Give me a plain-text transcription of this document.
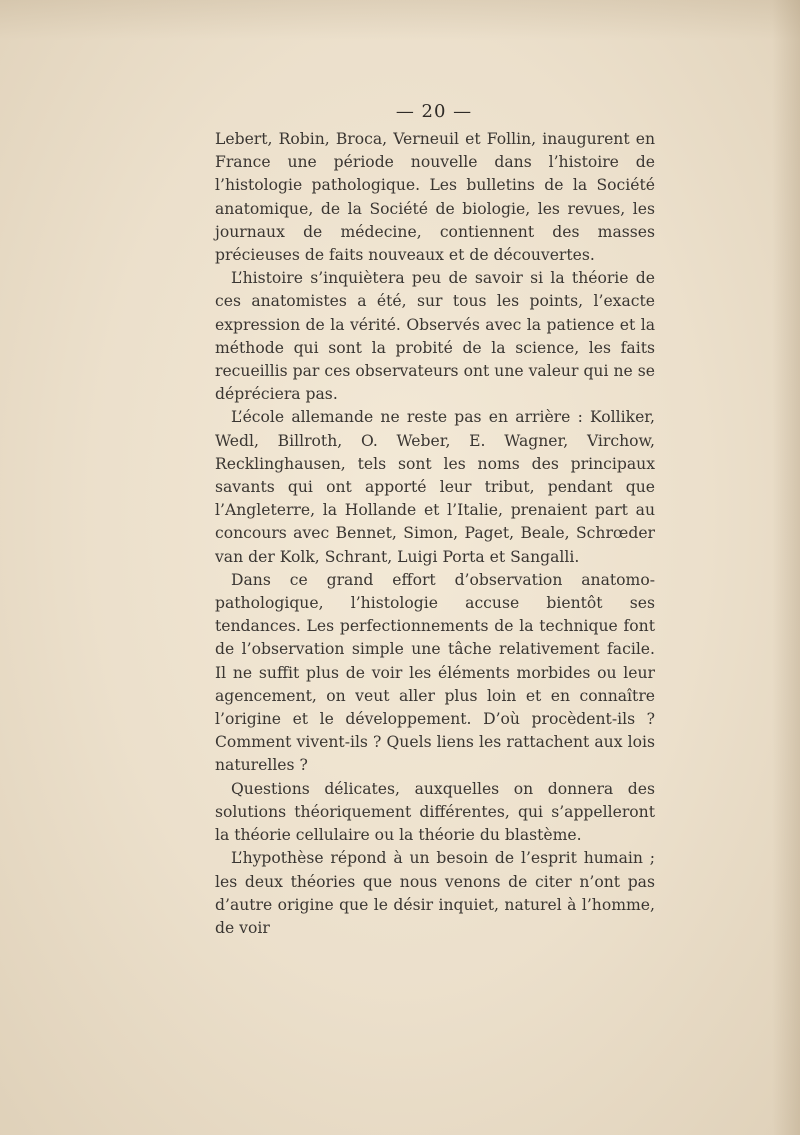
— 20 —

Lebert, Robin, Broca, Verneuil et Follin, inaugurent en France une période nouvelle dans l’histoire de l’histologie pathologique. Les bulletins de la Société anatomique, de la Société de biologie, les revues, les journaux de médecine, contiennent des masses précieuses de faits nouveaux et de découvertes.

L’histoire s’inquiètera peu de savoir si la théorie de ces anatomistes a été, sur tous les points, l’exacte expression de la vérité. Observés avec la patience et la méthode qui sont la probité de la science, les faits recueillis par ces observateurs ont une valeur qui ne se dépréciera pas.

L’école allemande ne reste pas en arrière : Kolliker, Wedl, Billroth, O. Weber, E. Wagner, Virchow, Recklinghausen, tels sont les noms des principaux savants qui ont apporté leur tribut, pendant que l’Angleterre, la Hollande et l’Italie, prenaient part au concours avec Bennet, Simon, Paget, Beale, Schrœder van der Kolk, Schrant, Luigi Porta et Sangalli.

Dans ce grand effort d’observation anatomo-pathologique, l’histologie accuse bientôt ses tendances. Les perfectionnements de la technique font de l’observation simple une tâche relativement facile. Il ne suffit plus de voir les éléments morbides ou leur agencement, on veut aller plus loin et en connaître l’origine et le développement. D’où procèdent-ils ? Comment vivent-ils ? Quels liens les rattachent aux lois naturelles ?

Questions délicates, auxquelles on donnera des solutions théoriquement différentes, qui s’appelleront la théorie cellulaire ou la théorie du blastème.

L’hypothèse répond à un besoin de l’esprit humain ; les deux théories que nous venons de citer n’ont pas d’autre origine que le désir inquiet, naturel à l’homme, de voir
